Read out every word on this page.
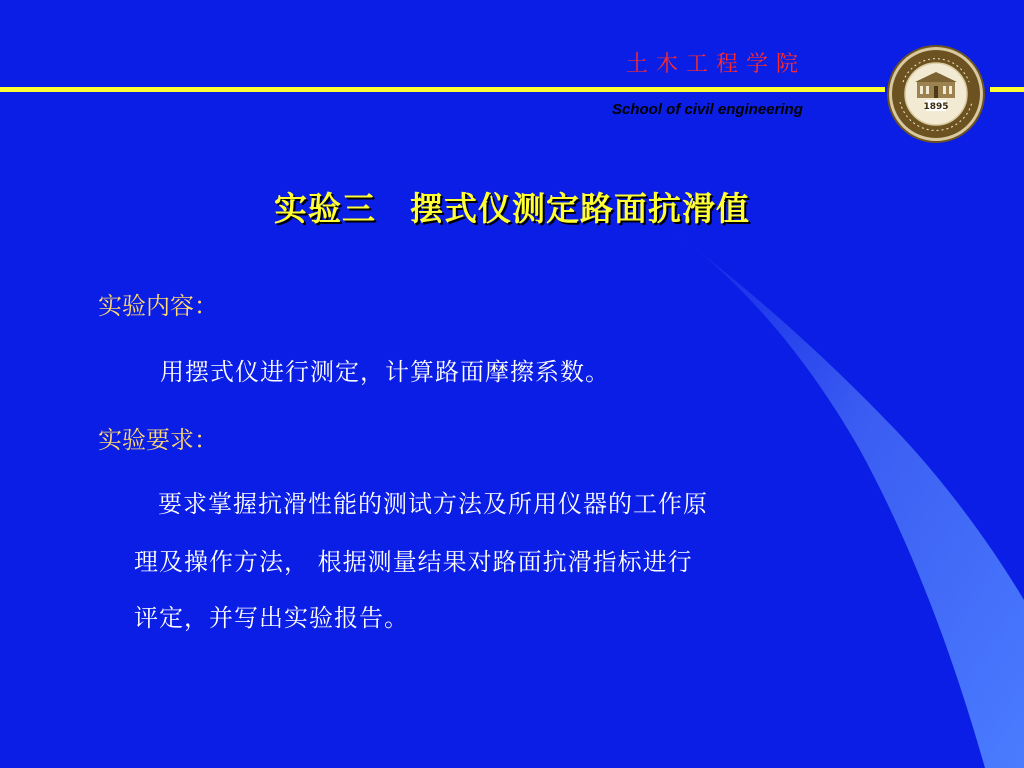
土木工程学院
School of civil engineering	1895
实验三　摆式仪测定路面抗滑值
实验内容：
用摆式仪进行测定，计算路面摩擦系数。
实验要求：
要求掌握抗滑性能的测试方法及所用仪器的工作原
理及操作方法， 根据测量结果对路面抗滑指标进行
评定，并写出实验报告。
